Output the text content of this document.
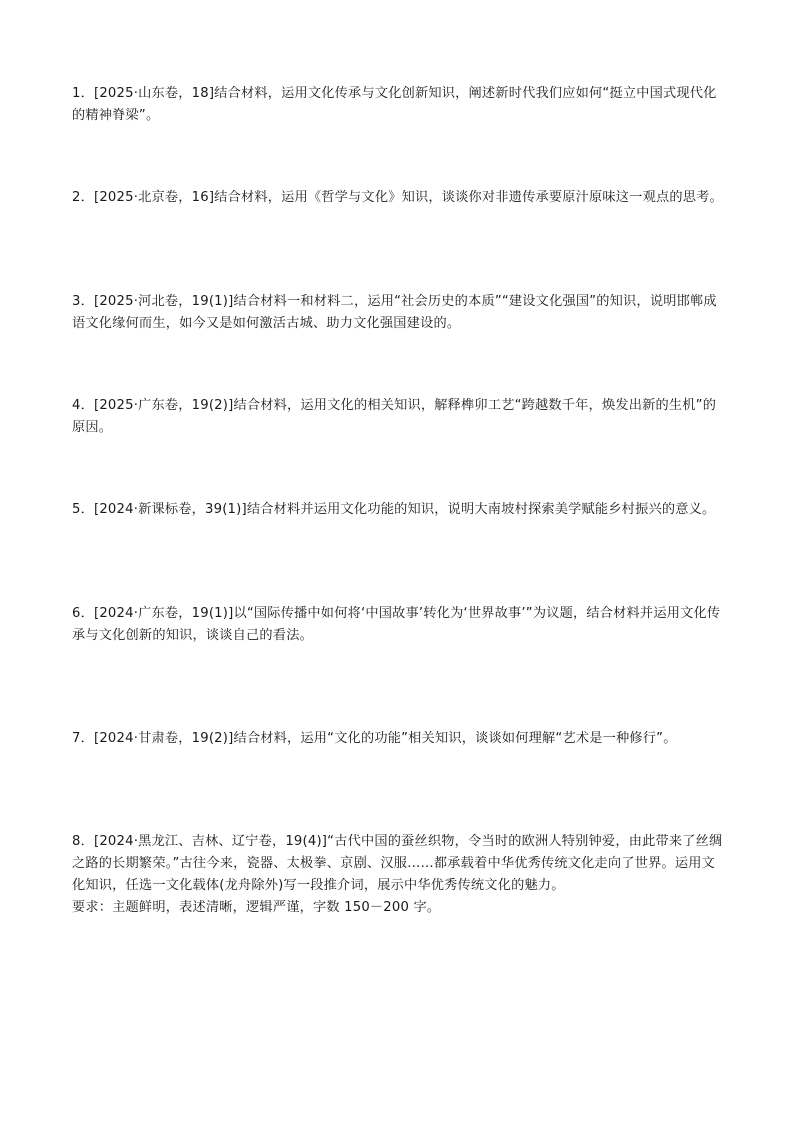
1．[2025·山东卷，18]结合材料，运用文化传承与文化创新知识，阐述新时代我们应如何“挺立中国式现代化的精神脊梁”。
2．[2025·北京卷，16]结合材料，运用《哲学与文化》知识，谈谈你对非遗传承要原汁原味这一观点的思考。
3．[2025·河北卷，19(1)]结合材料一和材料二，运用“社会历史的本质”“建设文化强国”的知识，说明邯郸成语文化缘何而生，如今又是如何激活古城、助力文化强国建设的。
4．[2025·广东卷，19(2)]结合材料，运用文化的相关知识，解释榫卯工艺“跨越数千年，焕发出新的生机”的原因。
5．[2024·新课标卷，39(1)]结合材料并运用文化功能的知识，说明大南坡村探索美学赋能乡村振兴的意义。
6．[2024·广东卷，19(1)]以“国际传播中如何将‘中国故事’转化为‘世界故事’”为议题，结合材料并运用文化传承与文化创新的知识，谈谈自己的看法。
7．[2024·甘肃卷，19(2)]结合材料，运用“文化的功能”相关知识，谈谈如何理解“艺术是一种修行”。
8．[2024·黑龙江、吉林、辽宁卷，19(4)]“古代中国的蚕丝织物，令当时的欧洲人特别钟爱，由此带来了丝绸之路的长期繁荣。”古往今来，瓷器、太极拳、京剧、汉服……都承载着中华优秀传统文化走向了世界。运用文化知识，任选一文化载体(龙舟除外)写一段推介词，展示中华优秀传统文化的魅力。
要求：主题鲜明，表述清晰，逻辑严谨，字数 150－200 字。
